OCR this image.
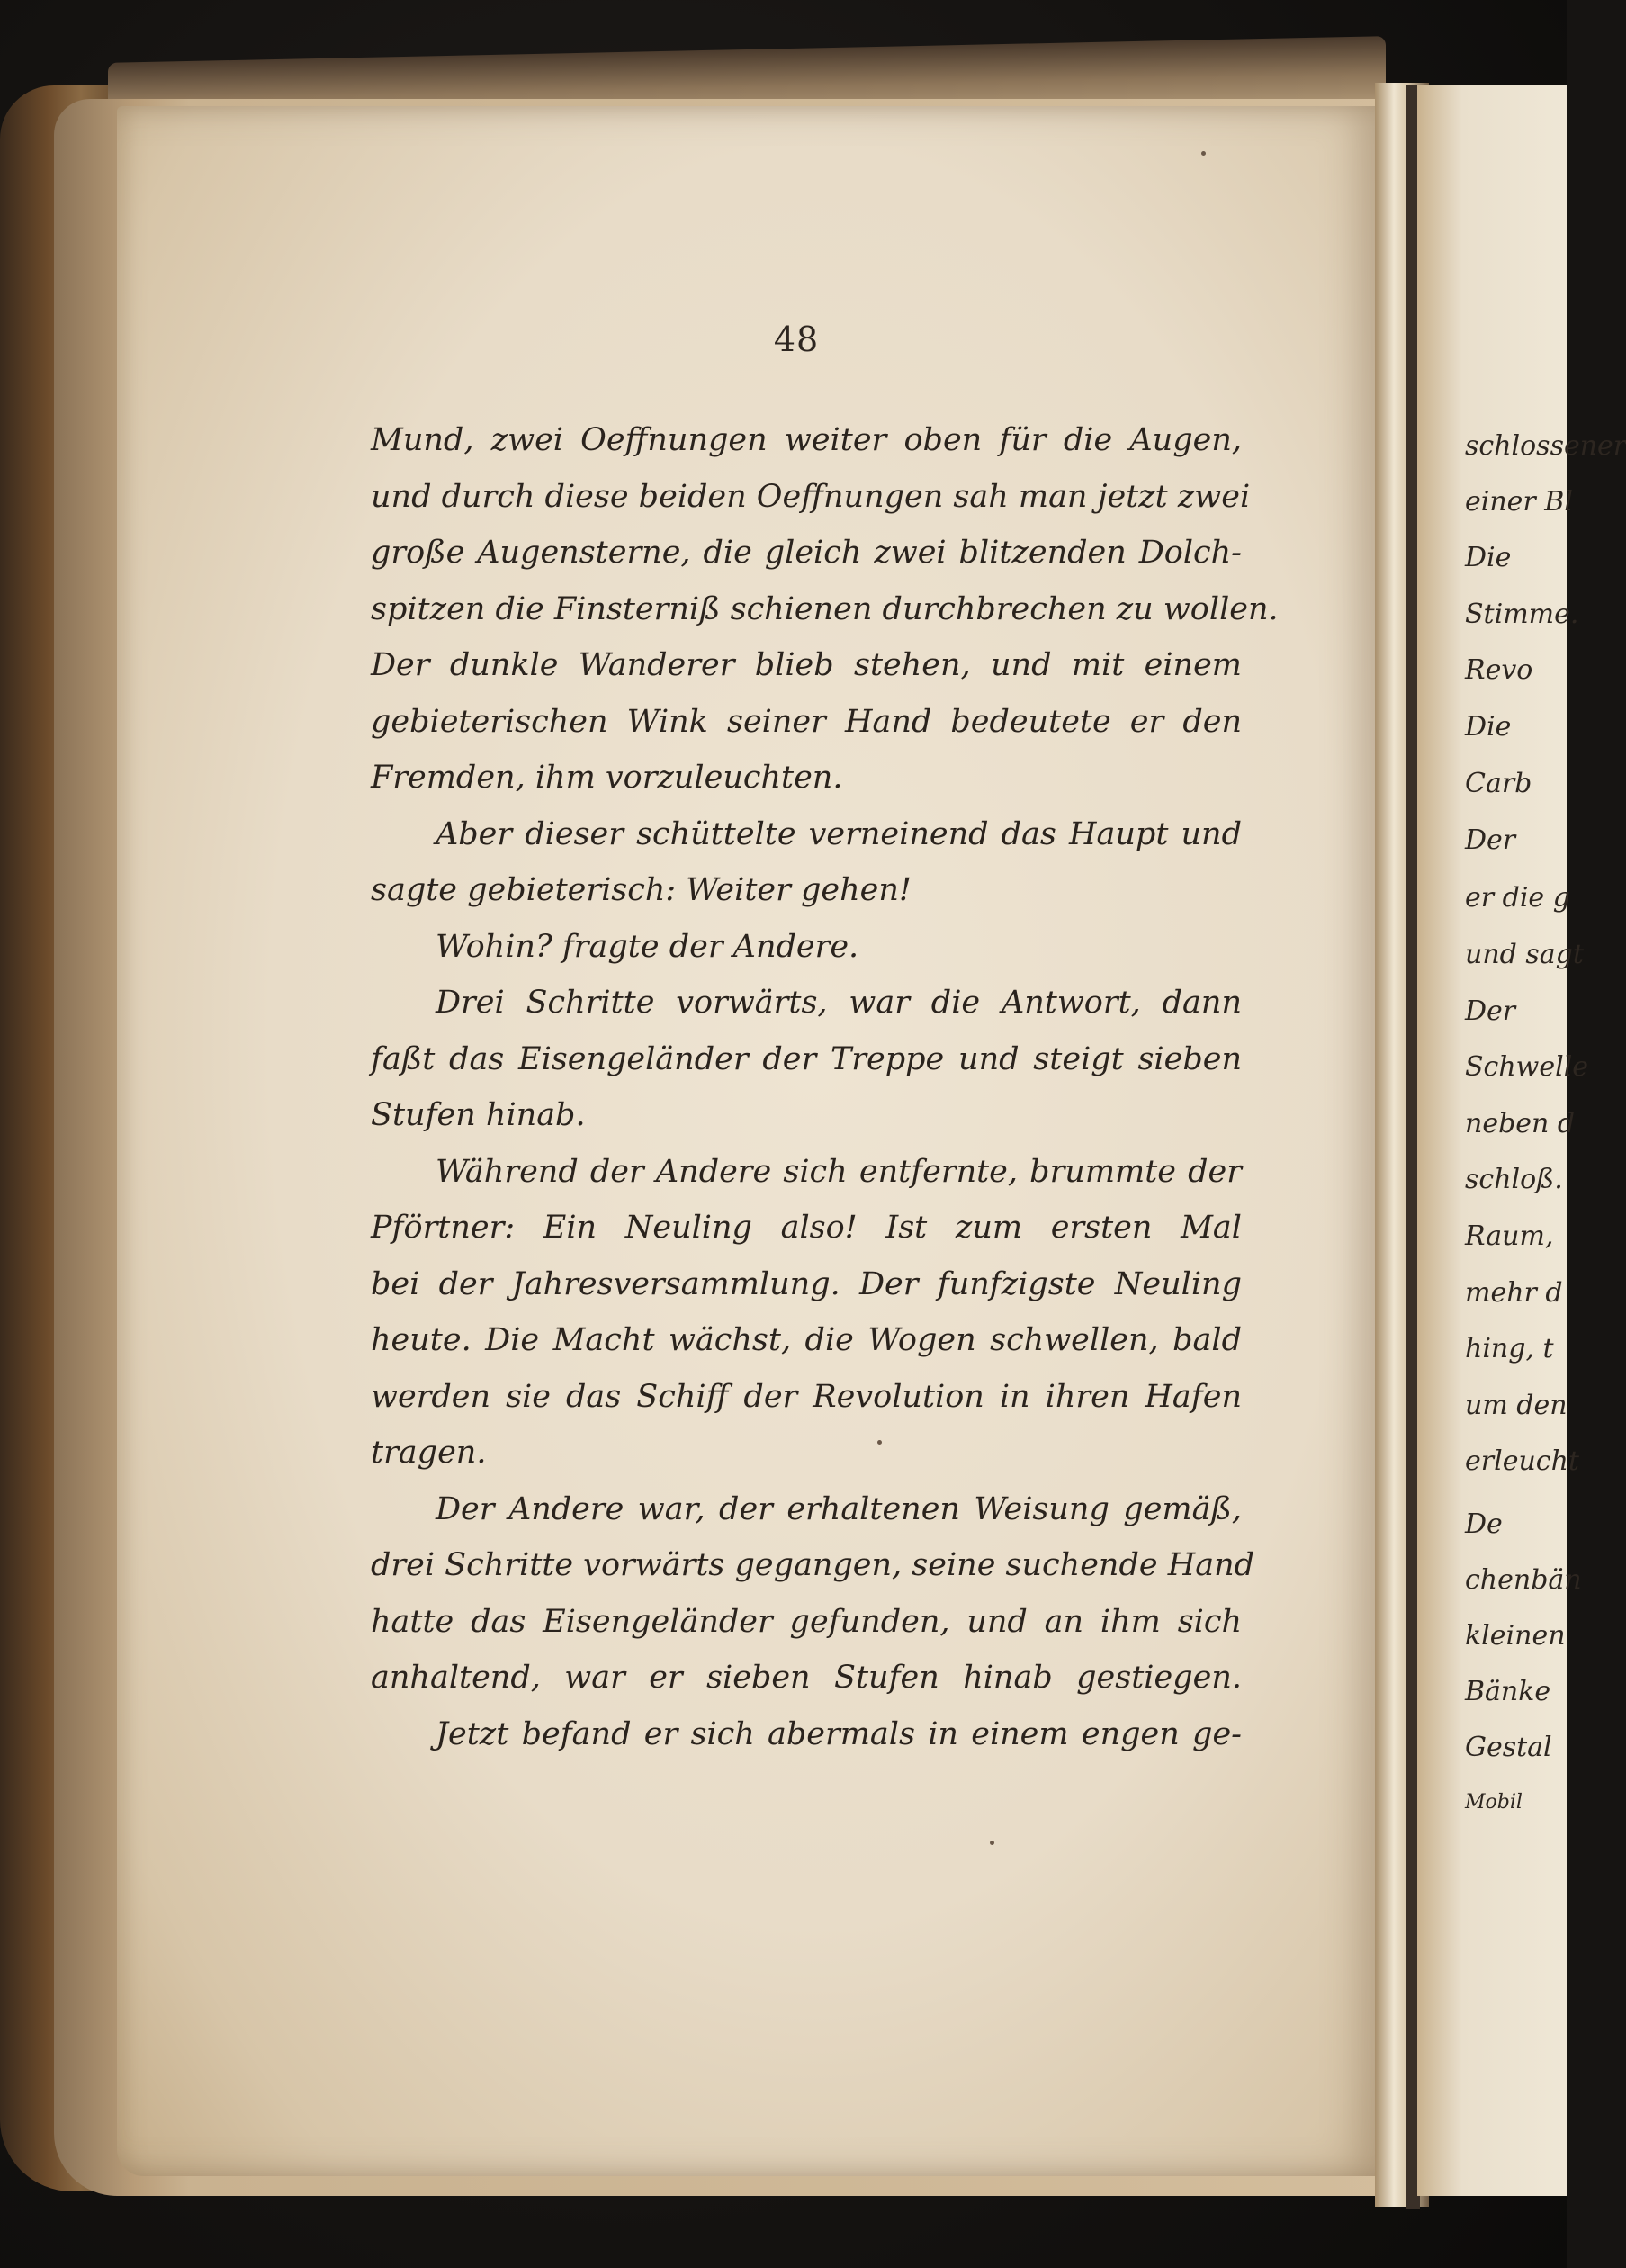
48
Mund, zwei Oeffnungen weiter oben für die Augen,
und durch diese beiden Oeffnungen sah man jetzt zwei
große Augensterne, die gleich zwei blitzenden Dolch-
spitzen die Finsterniß schienen durchbrechen zu wollen.
Der dunkle Wanderer blieb stehen, und mit einem
gebieterischen Wink seiner Hand bedeutete er den
Fremden, ihm vorzuleuchten.
Aber dieser schüttelte verneinend das Haupt und
sagte gebieterisch: Weiter gehen!
Wohin? fragte der Andere.
Drei Schritte vorwärts, war die Antwort, dann
faßt das Eisengeländer der Treppe und steigt sieben
Stufen hinab.
Während der Andere sich entfernte, brummte der
Pförtner: Ein Neuling also! Ist zum ersten Mal
bei der Jahresversammlung. Der funfzigste Neuling
heute. Die Macht wächst, die Wogen schwellen, bald
werden sie das Schiff der Revolution in ihren Hafen
tragen.
Der Andere war, der erhaltenen Weisung gemäß,
drei Schritte vorwärts gegangen, seine suchende Hand
hatte das Eisengeländer gefunden, und an ihm sich
anhaltend, war er sieben Stufen hinab gestiegen.
Jetzt befand er sich abermals in einem engen ge-
schlossener
einer Bl
Die
Stimme.
Revo
Die
Carb
Der
er die g
und sagt
Der
Schwelle
neben d
schloß.
Raum,
mehr d
hing, t
um den
erleucht
De
chenbän
kleinen
Bänke
Gestal
Mobil
